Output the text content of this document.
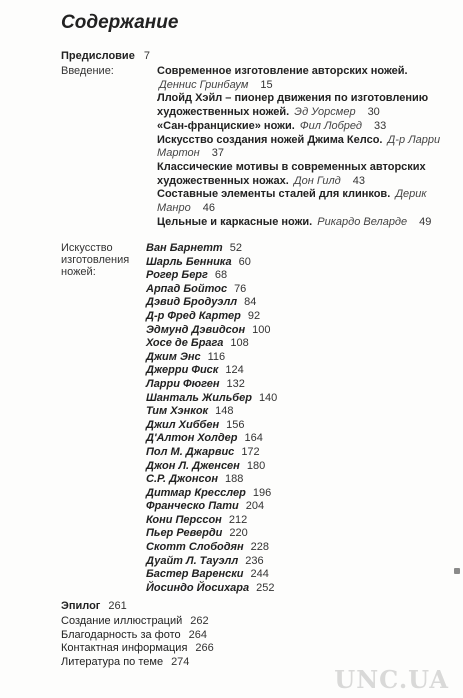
Содержание
Предисловие 7
Введение:	Современное изготовление авторских ножей. Деннис Гринбаум 15
Ллойд Хэйл – пионер движения по изготовлению художественных ножей. Эд Уорсмер 30
«Сан-франциские» ножи. Фил Лобред 33
Искусство создания ножей Джима Келсо. Д-р Ларри Мартон 37
Классические мотивы в современных авторских художественных ножах. Дон Гилд 43
Составные элементы сталей для клинков. Дерик Манро 46
Цельные и каркасные ножи. Рикардо Веларде 49
Искусство изготовления ножей:
Ван Барнетт 52
Шарль Бенника 60
Рогер Берг 68
Арпад Бойтос 76
Дэвид Бродуэлл 84
Д-р Фред Картер 92
Эдмунд Дэвидсон 100
Хосе де Брага 108
Джим Энс 116
Джерри Фиск 124
Ларри Фюген 132
Шанталь Жильбер 140
Тим Хэнкок 148
Джил Хиббен 156
Д'Алтон Холдер 164
Пол М. Джарвис 172
Джон Л. Дженсен 180
С.Р. Джонсон 188
Дитмар Кресслер 196
Франческо Пати 204
Кони Перссон 212
Пьер Реверди 220
Скотт Слободян 228
Дуайт Л. Тауэлл 236
Бастер Варенски 244
Йосиндо Йосихара 252
Эпилог 261
Создание иллюстраций 262
Благодарность за фото 264
Контактная информация 266
Литература по теме 274
UNC.UA
